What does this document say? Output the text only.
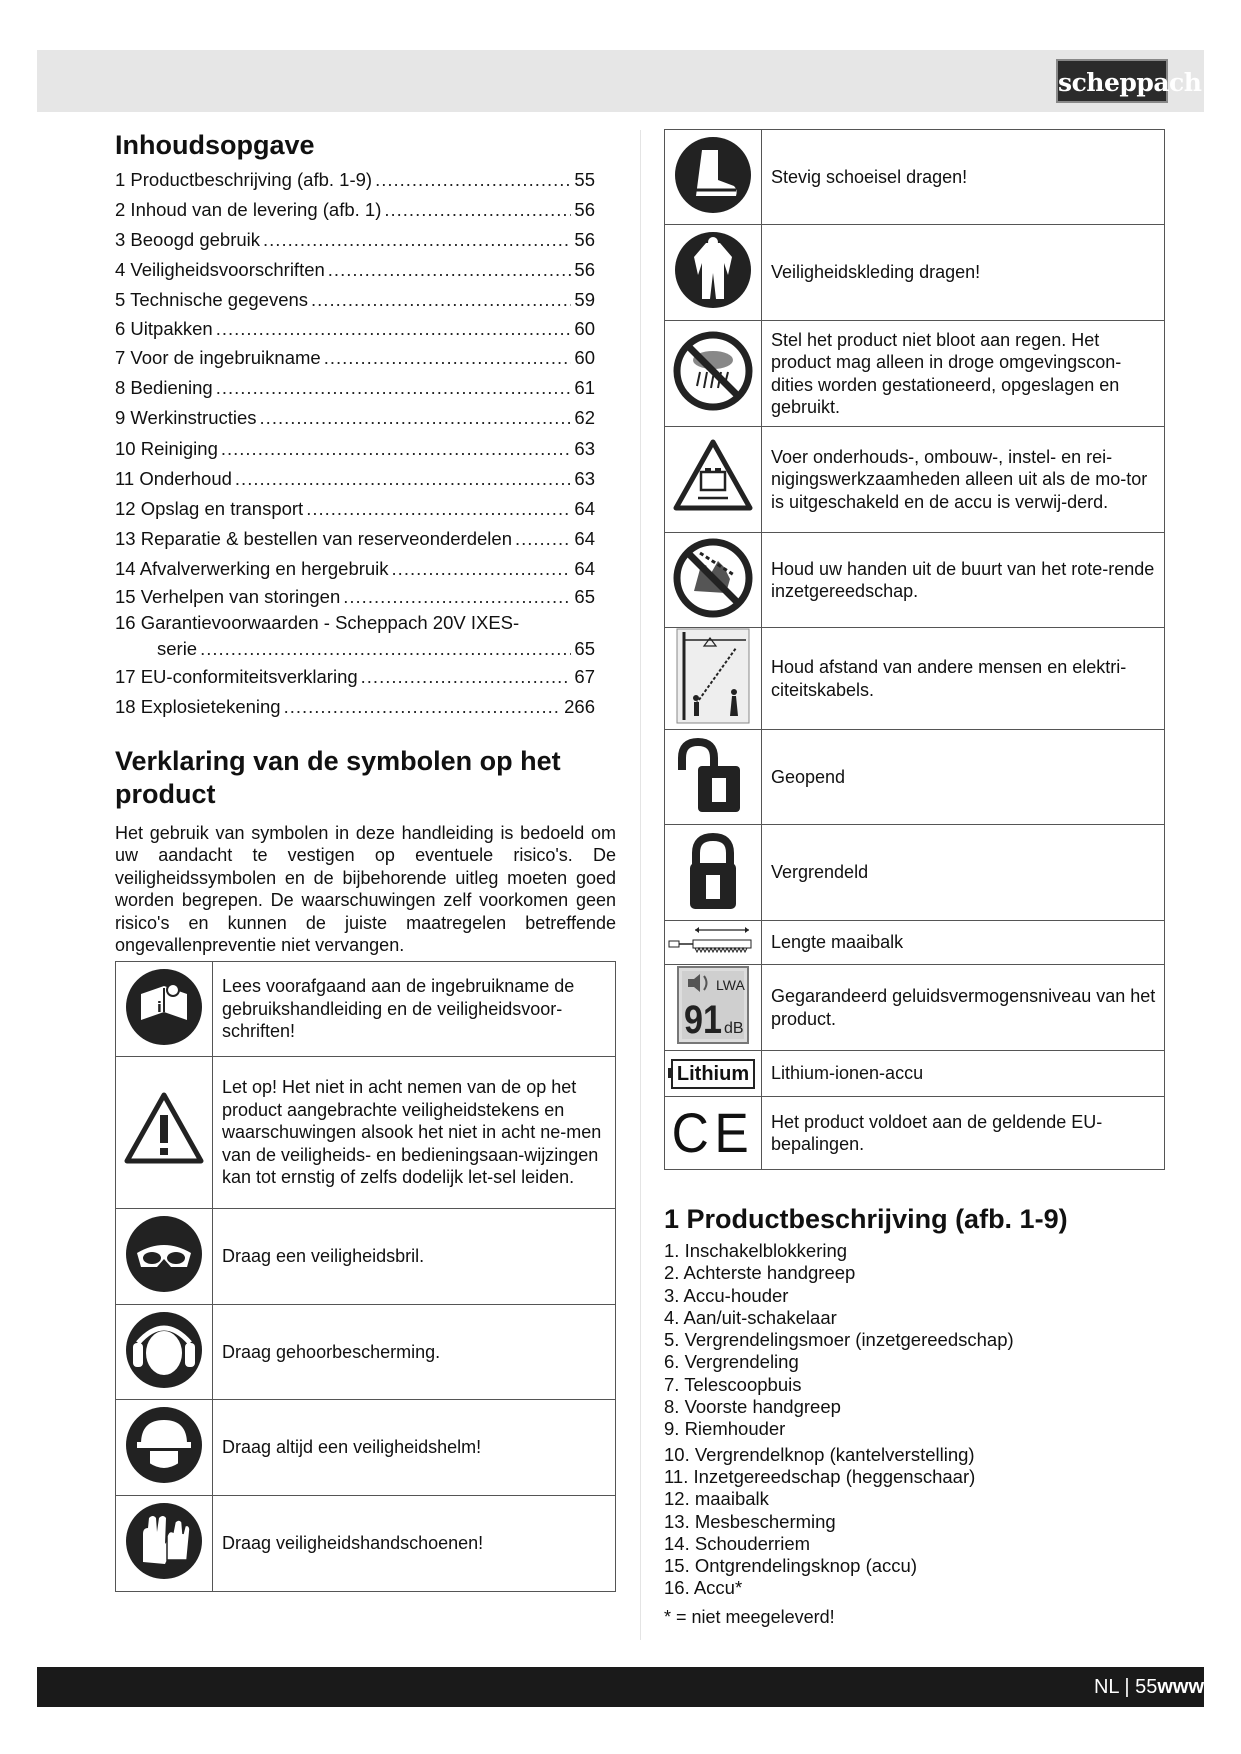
scheppach
Inhoudsopgave
1 Productbeschrijving (afb. 1-9) .....	55
2 Inhoud van de levering (afb. 1) .....	56
3 Beoogd gebruik .....	56
4 Veiligheidsvoorschriften .....	56
5 Technische gegevens .....	59
6 Uitpakken .....	60
7 Voor de ingebruikname .....	60
8 Bediening .....	61
9 Werkinstructies .....	62
10 Reiniging .....	63
11 Onderhoud .....	63
12 Opslag en transport .....	64
13 Reparatie & bestellen van reserveonderdelen .....	64
14 Afvalverwerking en hergebruik .....	64
15 Verhelpen van storingen .....	65
16 Garantievoorwaarden - Scheppach 20V IXES-
serie .....	65
17 EU-conformiteitsverklaring .....	67
18 Explosietekening .....	266
Verklaring van de symbolen op het product

Het gebruik van symbolen in deze handleiding is bedoeld om uw aandacht te vestigen op eventuele risico's. De veiligheidssymbolen en de bijbehorende uitleg moeten goed worden begrepen. De waarschuwingen zelf voorkomen geen risico's en kunnen de juiste maatregelen betreffende ongevallenpreventie niet vervangen.

i	Lees voorafgaand aan de ingebruikname de gebruikshandleiding en de veiligheidsvoor-schriften!
	Let op! Het niet in acht nemen van de op het product aangebrachte veiligheidstekens en waarschuwingen alsook het niet in acht ne-men van de veiligheids- en bedieningsaan-wijzingen kan tot ernstig of zelfs dodelijk let-sel leiden.
	Draag een veiligheidsbril.
	Draag gehoorbescherming.
	Draag altijd een veiligheidshelm!
	Draag veiligheidshandschoenen!
	Stevig schoeisel dragen!
	Veiligheidskleding dragen!
	Stel het product niet bloot aan regen. Het product mag alleen in droge omgevingscon-dities worden gestationeerd, opgeslagen en gebruikt.
	Voer onderhouds-, ombouw-, instel- en rei-nigingswerkzaamheden alleen uit als de mo-tor is uitgeschakeld en de accu is verwij-derd.
	Houd uw handen uit de buurt van het rote-rende inzetgereedschap.
	Houd afstand van andere mensen en elektri-citeitskabels.
	Geopend
	Vergrendeld
	Lengte maaibalk

LWA
91 dB	Gegarandeerd geluidsvermogensniveau van het product.
Lithium	Lithium-ionen-accu
CE	Het product voldoet aan de geldende EU-bepalingen.
1 Productbeschrijving (afb. 1-9)
1. Inschakelblokkering
2. Achterste handgreep
3. Accu-houder
4. Aan/uit-schakelaar
5. Vergrendelingsmoer (inzetgereedschap)
6. Vergrendeling
7. Telescoopbuis
8. Voorste handgreep
9. Riemhouder
10. Vergrendelknop (kantelverstelling)
11. Inzetgereedschap (heggenschaar)
12. maaibalk
13. Mesbescherming
14. Schouderriem
15. Ontgrendelingsknop (accu)
16. Accu*

* = niet meegeleverd!

NL | 55www
